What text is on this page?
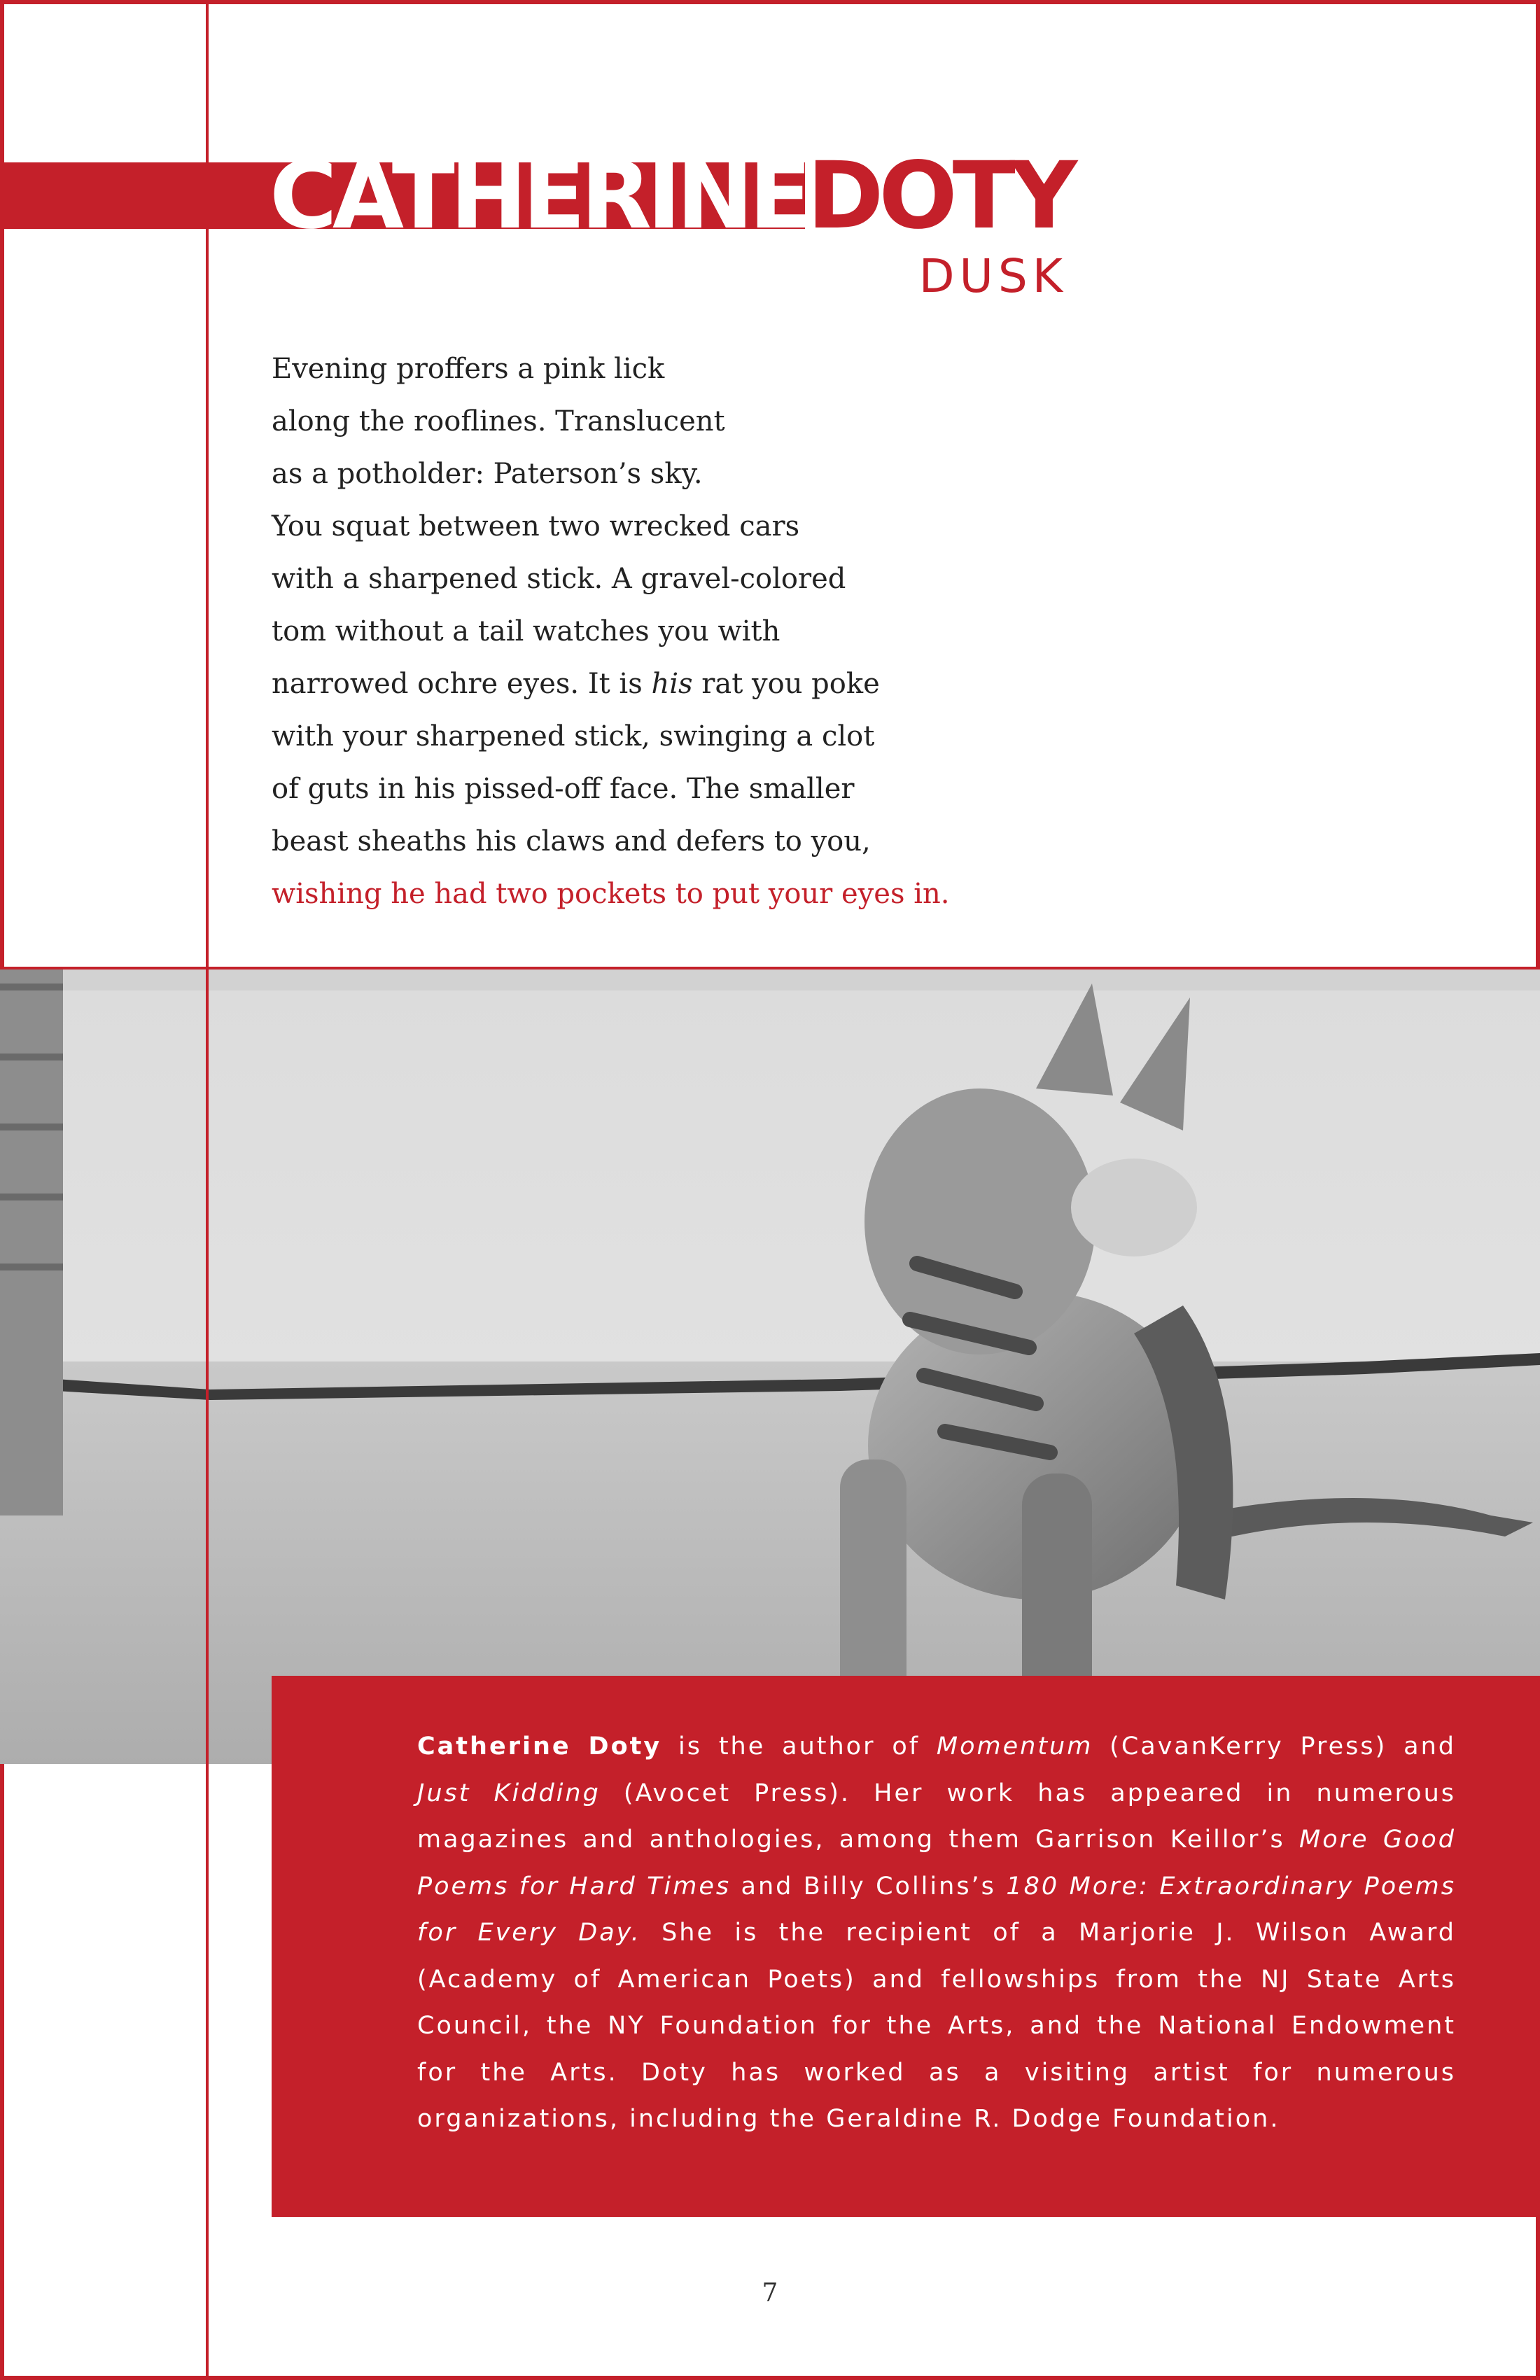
CATHERINEDOTY
DUSK
Evening proffers a pink lick
along the rooflines. Translucent
as a potholder: Paterson’s sky.
You squat between two wrecked cars
with a sharpened stick. A gravel-colored
tom without a tail watches you with
narrowed ochre eyes. It is his rat you poke
with your sharpened stick, swinging a clot
of guts in his pissed-off face. The smaller
beast sheaths his claws and defers to you,
wishing he had two pockets to put your eyes in.
Catherine Doty is the author of Momentum (CavanKerry Press) and Just Kidding (Avocet Press). Her work has appeared in numerous magazines and anthologies, among them Garrison Keillor’s More Good Poems for Hard Times and Billy Collins’s 180 More: Extraordinary Poems for Every Day. She is the recipient of a Marjorie J. Wilson Award (Academy of American Poets) and fellowships from the NJ State Arts Council, the NY Foundation for the Arts, and the National Endowment for the Arts. Doty has worked as a visiting artist for numerous organizations, including the Geraldine R. Dodge Foundation.
7
